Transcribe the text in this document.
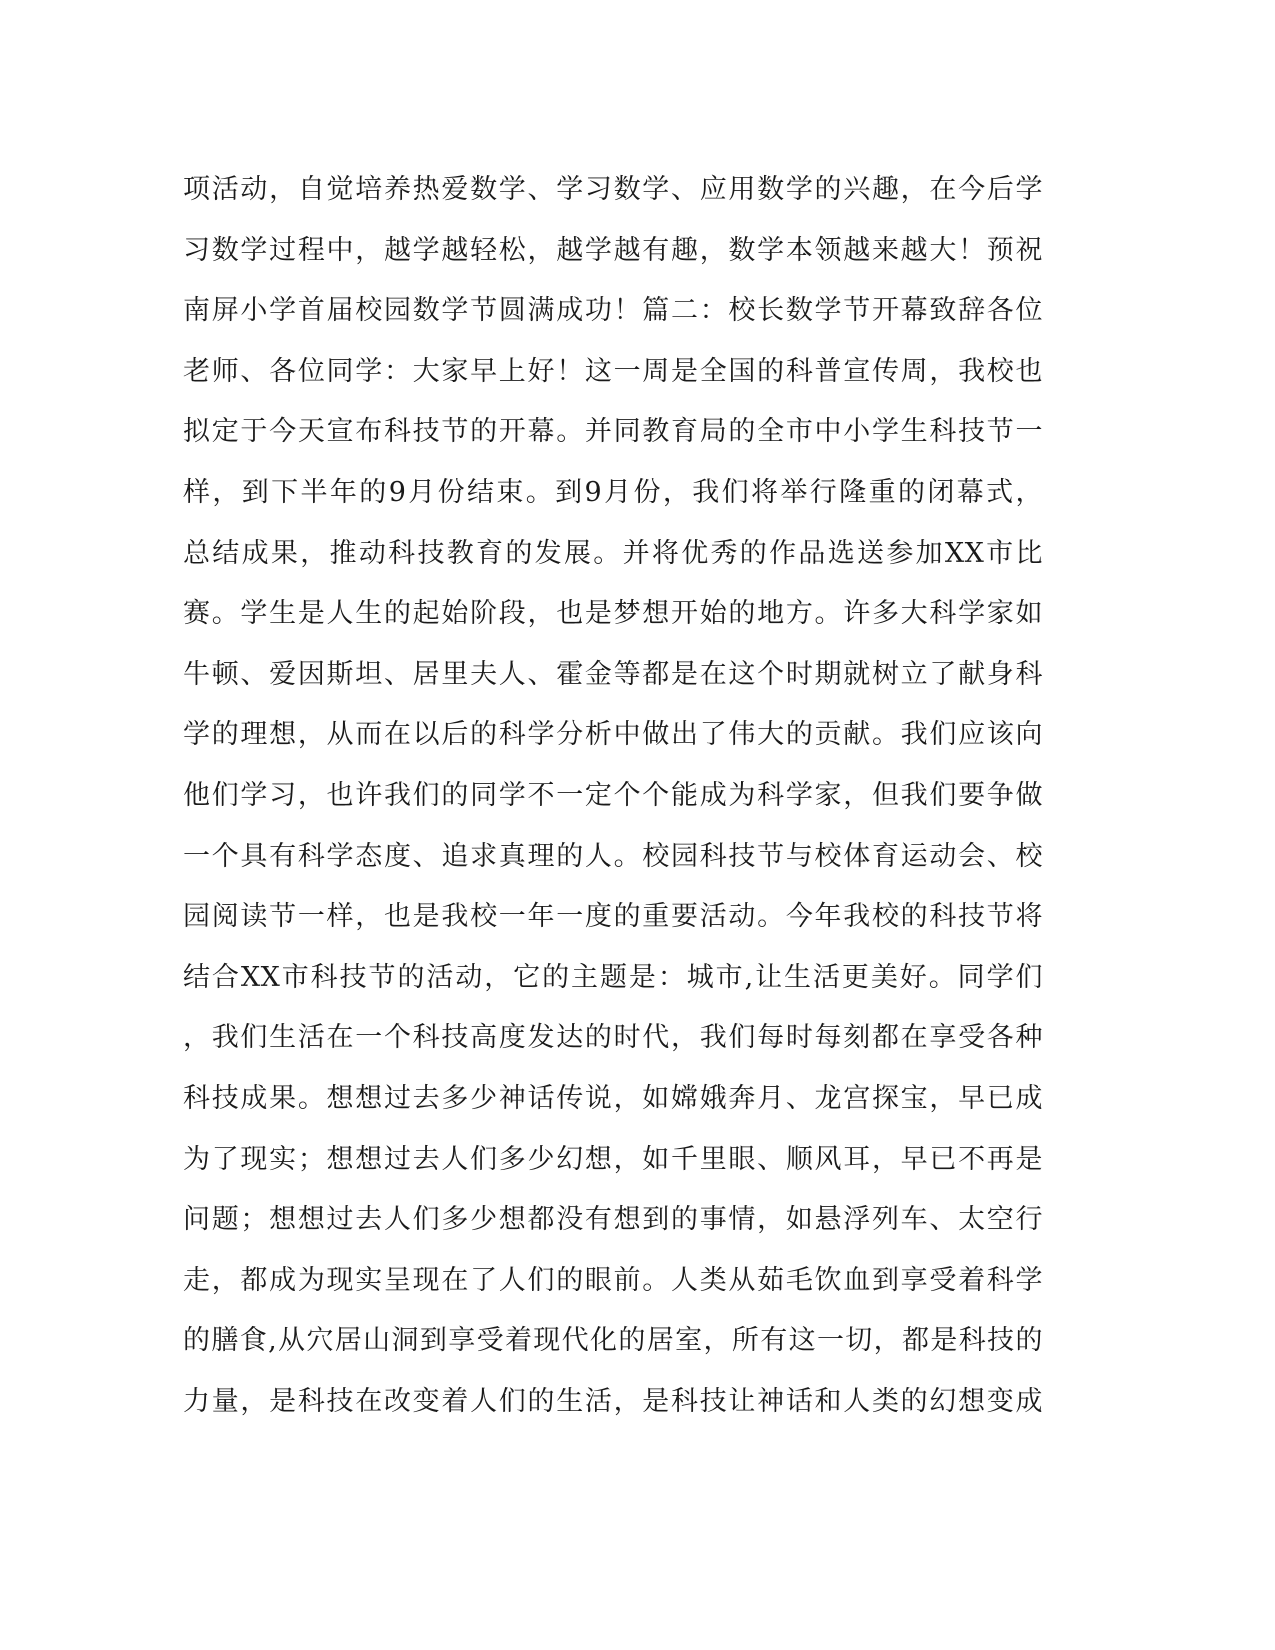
项活动，自觉培养热爱数学、学习数学、应用数学的兴趣，在今后学
习数学过程中，越学越轻松，越学越有趣，数学本领越来越大！预祝
南屏小学首届校园数学节圆满成功！篇二：校长数学节开幕致辞各位
老师、各位同学：大家早上好！这一周是全国的科普宣传周，我校也
拟定于今天宣布科技节的开幕。并同教育局的全市中小学生科技节一
样，到下半年的9月份结束。到9月份，我们将举行隆重的闭幕式，
总结成果，推动科技教育的发展。并将优秀的作品选送参加XX市比
赛。学生是人生的起始阶段，也是梦想开始的地方。许多大科学家如
牛顿、爱因斯坦、居里夫人、霍金等都是在这个时期就树立了献身科
学的理想，从而在以后的科学分析中做出了伟大的贡献。我们应该向
他们学习，也许我们的同学不一定个个能成为科学家，但我们要争做
一个具有科学态度、追求真理的人。校园科技节与校体育运动会、校
园阅读节一样，也是我校一年一度的重要活动。今年我校的科技节将
结合XX市科技节的活动，它的主题是：城市,让生活更美好。同学们
，我们生活在一个科技高度发达的时代，我们每时每刻都在享受各种
科技成果。想想过去多少神话传说，如嫦娥奔月、龙宫探宝，早已成
为了现实；想想过去人们多少幻想，如千里眼、顺风耳，早已不再是
问题；想想过去人们多少想都没有想到的事情，如悬浮列车、太空行
走，都成为现实呈现在了人们的眼前。人类从茹毛饮血到享受着科学
的膳食,从穴居山洞到享受着现代化的居室，所有这一切，都是科技的
力量，是科技在改变着人们的生活，是科技让神话和人类的幻想变成
